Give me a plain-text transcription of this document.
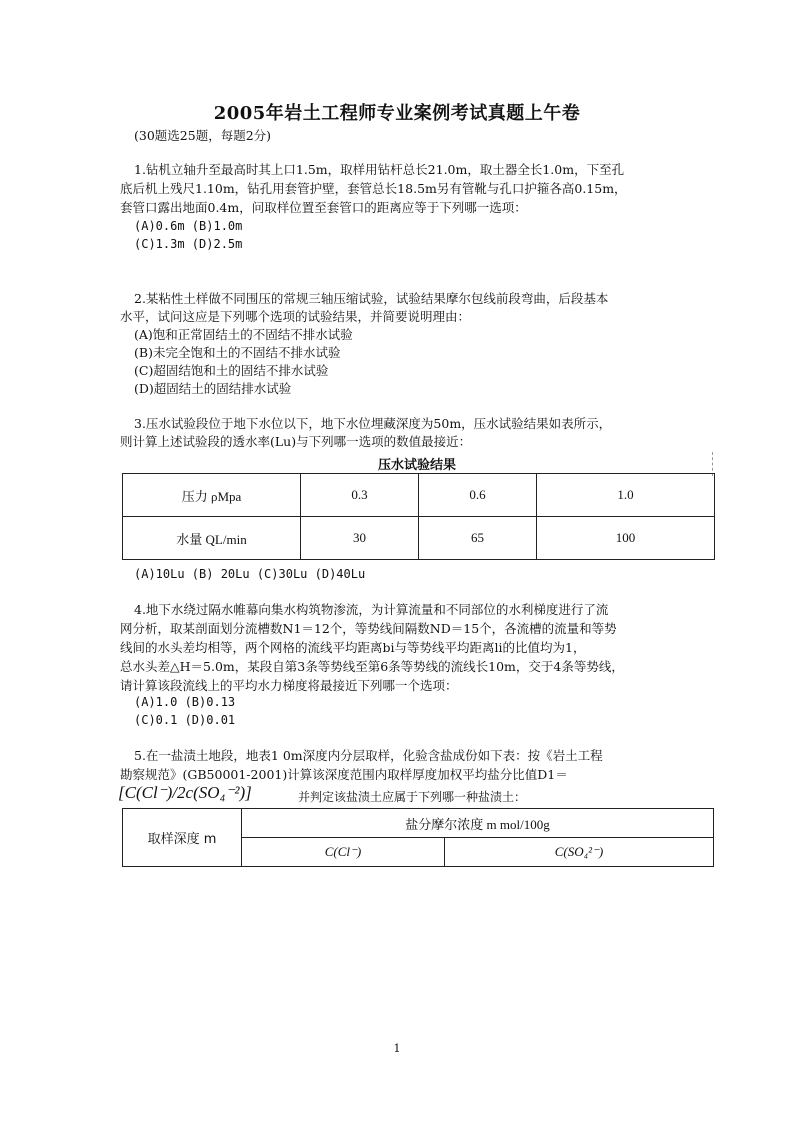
2005年岩土工程师专业案例考试真题上午卷
(30题选25题，每题2分)
1.钻机立轴升至最高时其上口1.5m，取样用钻杆总长21.0m，取土器全长1.0m，下至孔
底后机上残尺1.10m，钻孔用套管护壁，套管总长18.5m另有管靴与孔口护箍各高0.15m，
套管口露出地面0.4m，问取样位置至套管口的距离应等于下列哪一选项：
(A)0.6m (B)1.0m
(C)1.3m (D)2.5m
2.某粘性土样做不同围压的常规三轴压缩试验，试验结果摩尔包线前段弯曲，后段基本
水平，试问这应是下列哪个选项的试验结果，并简要说明理由：
(A)饱和正常固结土的不固结不排水试验
(B)未完全饱和土的不固结不排水试验
(C)超固结饱和土的固结不排水试验
(D)超固结土的固结排水试验
3.压水试验段位于地下水位以下，地下水位埋藏深度为50m，压水试验结果如表所示，
则计算上述试验段的透水率(Lu)与下列哪一选项的数值最接近：
压水试验结果
压力 ρMpa	0.3	0.6	1.0
水量 QL/min	30	65	100
(A)10Lu (B) 20Lu (C)30Lu (D)40Lu
4.地下水绕过隔水帷幕向集水构筑物渗流，为计算流量和不同部位的水利梯度进行了流
网分析，取某剖面划分流槽数N1＝12个，等势线间隔数ND＝15个，各流槽的流量和等势
线间的水头差均相等，两个网格的流线平均距离bi与等势线平均距离li的比值均为1，
总水头差△H＝5.0m，某段自第3条等势线至第6条等势线的流线长10m，交于4条等势线，
请计算该段流线上的平均水力梯度将最接近下列哪一个选项：
(A)1.0 (B)0.13
(C)0.1 (D)0.01
5.在一盐渍土地段，地表1 0m深度内分层取样，化验含盐成份如下表：按《岩土工程
勘察规范》(GB50001-2001)计算该深度范围内取样厚度加权平均盐分比值D1＝
[C(Cl⁻)/2c(SO₄⁻²)]	并判定该盐渍土应属于下列哪一种盐渍土：
取样深度 m	盐分摩尔浓度 m mol/100g	
	C(Cl⁻)	C(SO₄²⁻)
1
